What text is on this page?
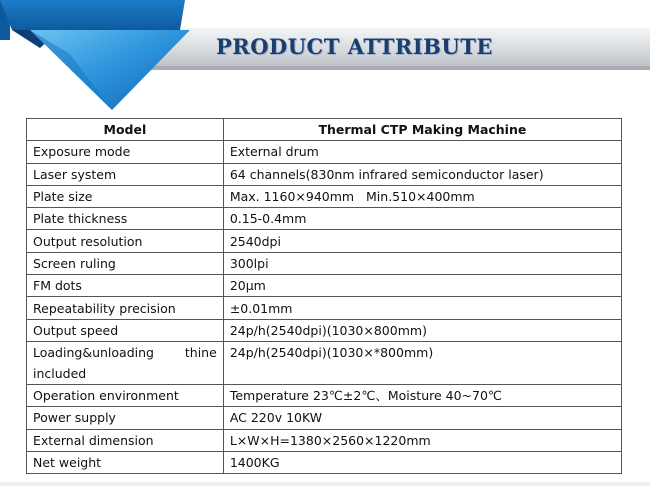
PRODUCT ATTRIBUTE
Model	Thermal CTP Making Machine
Exposure mode	External drum
Laser system	64 channels(830nm infrared semiconductor laser)
Plate size	Max. 1160×940mm   Min.510×400mm
Plate thickness	0.15-0.4mm
Output resolution	2540dpi
Screen ruling	300lpi
FM dots	20μm
Repeatability precision	±0.01mm
Output speed	24p/h(2540dpi)(1030×800mm)

Loading&unloading thine
included	24p/h(2540dpi)(1030×*800mm)
Operation environment	Temperature 23℃±2℃、Moisture 40~70℃
Power supply	AC 220v 10KW
External dimension	L×W×H=1380×2560×1220mm
Net weight	1400KG
